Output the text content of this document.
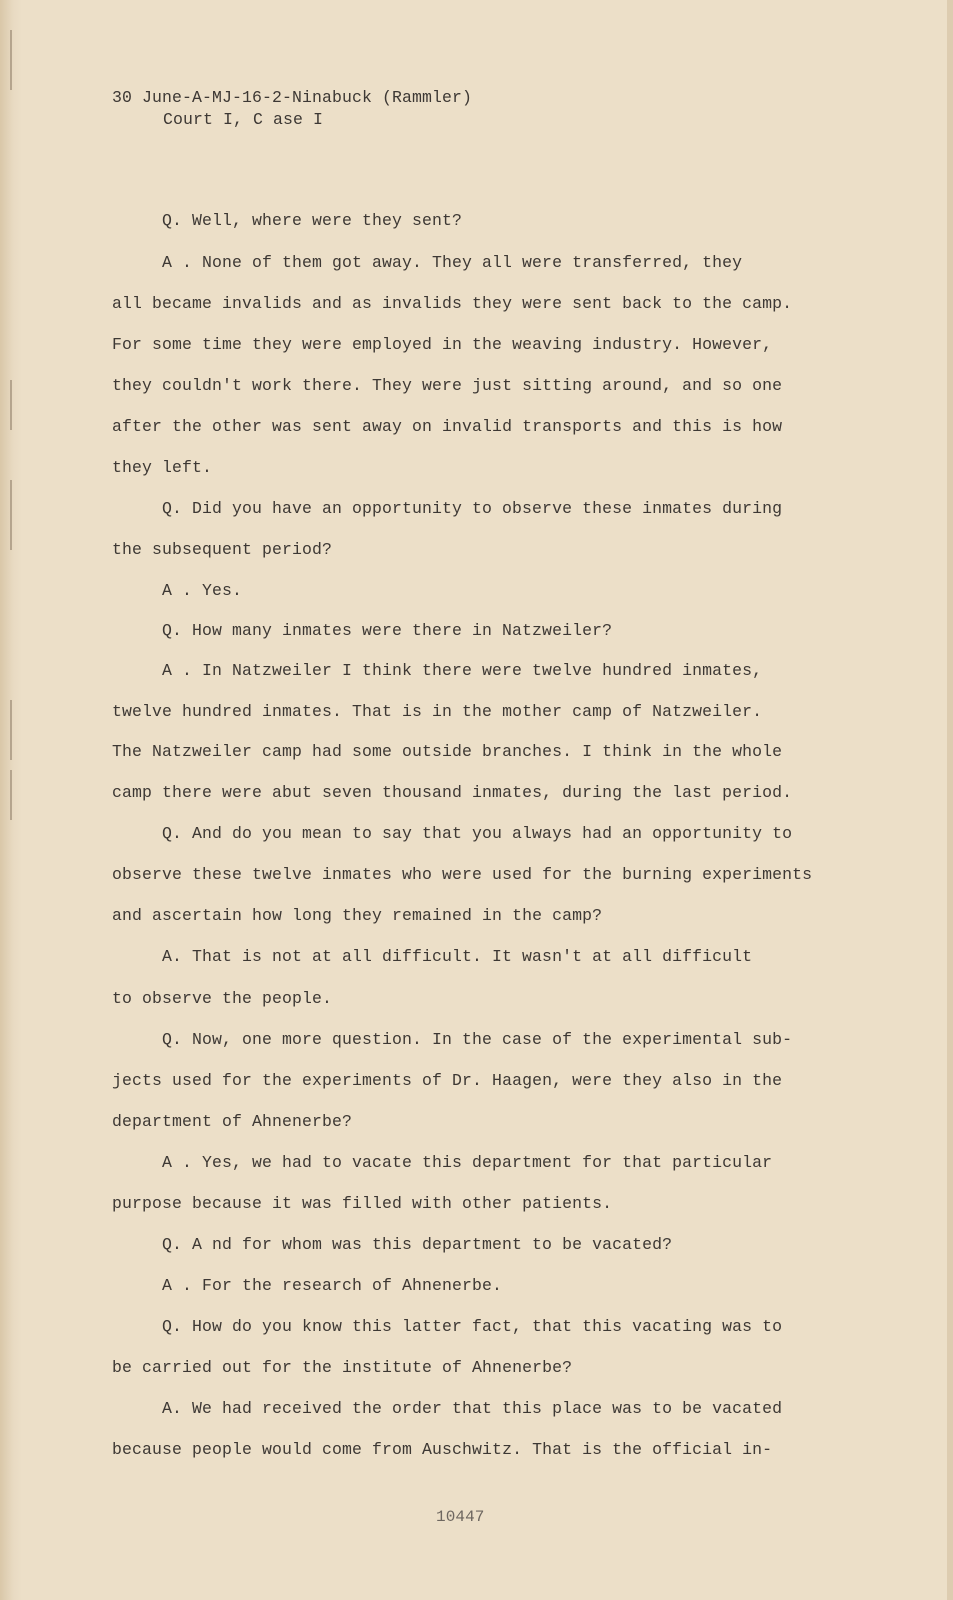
30 June-A-MJ-16-2-Ninabuck (Rammler)
Court I, C ase I
Q. Well, where were they sent?
A . None of them got away. They all were transferred, they
all became invalids and as invalids they were sent back to the camp.
For some time they were employed in the weaving industry. However,
they couldn't work there. They were just sitting around, and so one
after the other was sent away on invalid transports and this is how
they left.
Q. Did you have an opportunity to observe these inmates during
the subsequent period?
A . Yes.
Q. How many inmates were there in Natzweiler?
A . In Natzweiler I think there were twelve hundred inmates,
twelve hundred inmates. That is in the mother camp of Natzweiler.
The Natzweiler camp had some outside branches. I think in the whole
camp there were abut seven thousand inmates, during the last period.
Q. And do you mean to say that you always had an opportunity to
observe these twelve inmates who were used for the burning experiments
and ascertain how long they remained in the camp?
A. That is not at all difficult. It wasn't at all difficult
to observe the people.
Q. Now, one more question. In the case of the experimental sub-
jects used for the experiments of Dr. Haagen, were they also in the
department of Ahnenerbe?
A . Yes, we had to vacate this department for that particular
purpose because it was filled with other patients.
Q. A nd for whom was this department to be vacated?
A . For the research of Ahnenerbe.
Q. How do you know this latter fact, that this vacating was to
be carried out for the institute of Ahnenerbe?
A. We had received the order that this place was to be vacated
because people would come from Auschwitz. That is the official in-
10447
